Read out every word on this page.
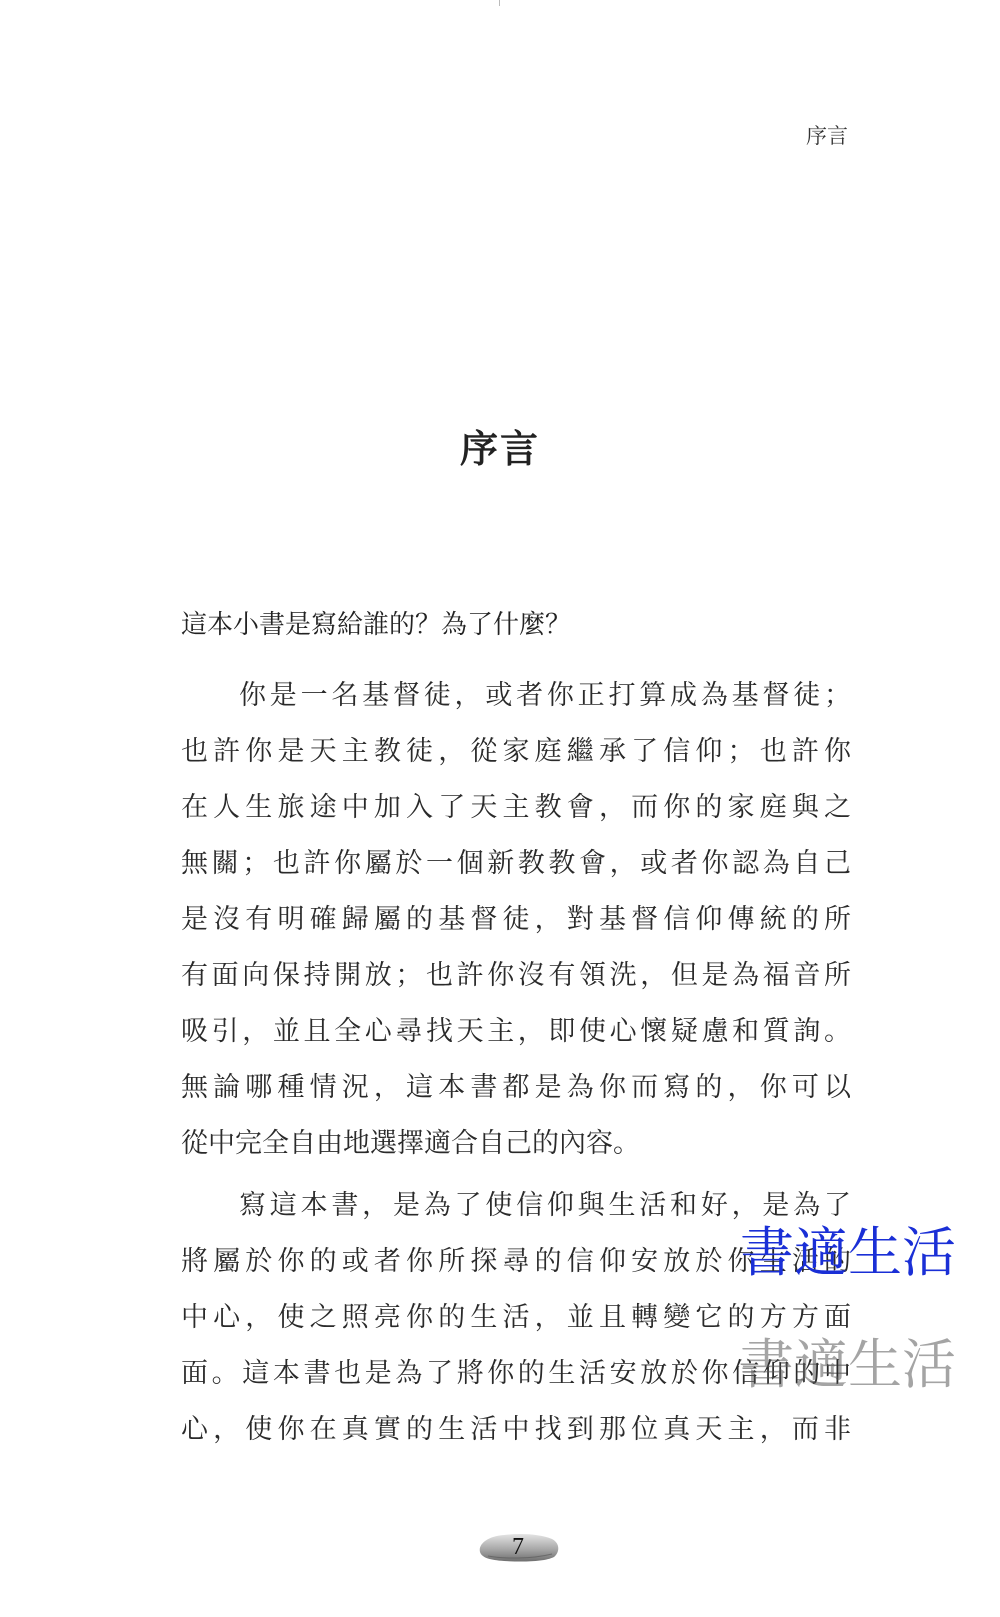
序言
序言
這本小書是寫給誰的？為了什麼？
你是一名基督徒，或者你正打算成為基督徒；
也許你是天主教徒，從家庭繼承了信仰；也許你
在人生旅途中加入了天主教會，而你的家庭與之
無關；也許你屬於一個新教教會，或者你認為自己
是沒有明確歸屬的基督徒，對基督信仰傳統的所
有面向保持開放；也許你沒有領洗，但是為福音所
吸引，並且全心尋找天主，即使心懷疑慮和質詢。
無論哪種情況，這本書都是為你而寫的，你可以
從中完全自由地選擇適合自己的內容。
寫這本書，是為了使信仰與生活和好，是為了
將屬於你的或者你所探尋的信仰安放於你生活的
中心，使之照亮你的生活，並且轉變它的方方面
面。這本書也是為了將你的生活安放於你信仰的中
心，使你在真實的生活中找到那位真天主，而非
書適生活
書適生活
7
